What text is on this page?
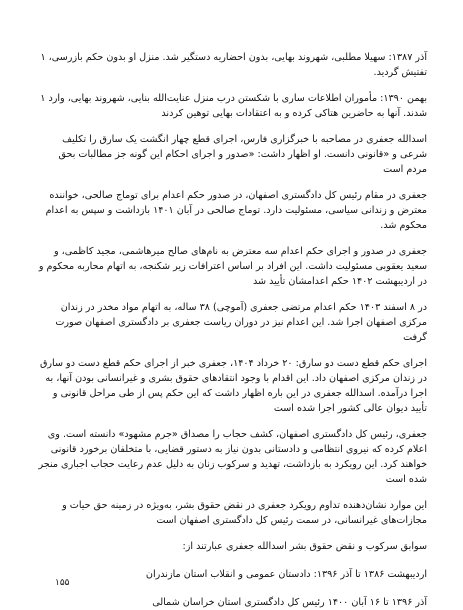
آذر ۱۳۸۷: سهیلا مطلبی، شهروند بهایی، بدون احضاریه دستگیر شد. منزل او بدون حکم بازرسی، ۱ تفتیش گردید.

بهمن ۱۳۹۰: مأموران اطلاعات ساری با شکستن درب منزل عنایت‌الله بنایی، شهروند بهایی، وارد ۱ شدند. آنها به حاضرین هتاکی کرده و به اعتقادات بهایی توهین کردند

اسدالله جعفری در مصاحبه با خبرگزاری فارس، اجرای قطع چهار انگشت یک سارق را تکلیف شرعی و «قانونی دانست. او اظهار داشت: «صدور و اجرای احکام این گونه جز مطالبات بحق مردم است

جعفری در مقام رئیس کل دادگستری اصفهان، در صدور حکم اعدام برای توماج صالحی، خواننده معترض و زندانی سیاسی، مسئولیت دارد. توماج صالحی در آبان ۱۴۰۱ بازداشت و سپس به اعدام محکوم شد.

جعفری در صدور و اجرای حکم اعدام سه معترض به نام‌های صالح میرهاشمی، مجید کاظمی، و سعید یعقوبی مسئولیت داشت. این افراد بر اساس اعترافات زیر شکنجه، به اتهام محاربه محکوم و در اردیبهشت ۱۴۰۲ حکم اعدامشان تأیید شد

در ۸ اسفند ۱۴۰۳ حکم اعدام مرتضی جعفری (آموچی) ۳۸ ساله، به اتهام مواد مخدر در زندان مرکزی اصفهان اجرا شد. این اعدام نیز در دوران ریاست جعفری بر دادگستری اصفهان صورت گرفت

اجرای حکم قطع دست دو سارق: ۲۰ خرداد ۱۴۰۴، جعفری خبر از اجرای حکم قطع دست دو سارق در زندان مرکزی اصفهان داد. این اقدام با وجود انتقادهای حقوق بشری و غیرانسانی بودن آنها، به اجرا درآمده. اسدالله جعفری در این باره اظهار داشت که این حکم پس از طی مراحل قانونی و تأیید دیوان عالی کشور اجرا شده است

جعفری، رئیس کل دادگستری اصفهان، کشف حجاب را مصداق «جرم مشهود» دانسته است. وی اعلام کرده که نیروی انتظامی و دادستانی بدون نیاز به دستور قضایی، با متخلفان برخورد قانونی خواهند کرد. این رویکرد به بازداشت، تهدید و سرکوب زنان به دلیل عدم رعایت حجاب اجباری منجر شده است

این موارد نشان‌دهنده تداوم رویکرد جعفری در نقض حقوق بشر، به‌ویژه در زمینه حق حیات و مجازات‌های غیرانسانی، در سمت رئیس کل دادگستری اصفهان است

سوابق سرکوب و نقض حقوق بشر اسدالله جعفری عبارتند از:

اردیبهشت ۱۳۸۶ تا آذر ۱۳۹۶: دادستان عمومی و انقلاب استان مازندران

آذر ۱۳۹۶ تا ۱۶ آبان ۱۴۰۰ رئیس کل دادگستری استان خراسان شمالی

۱۵۵
